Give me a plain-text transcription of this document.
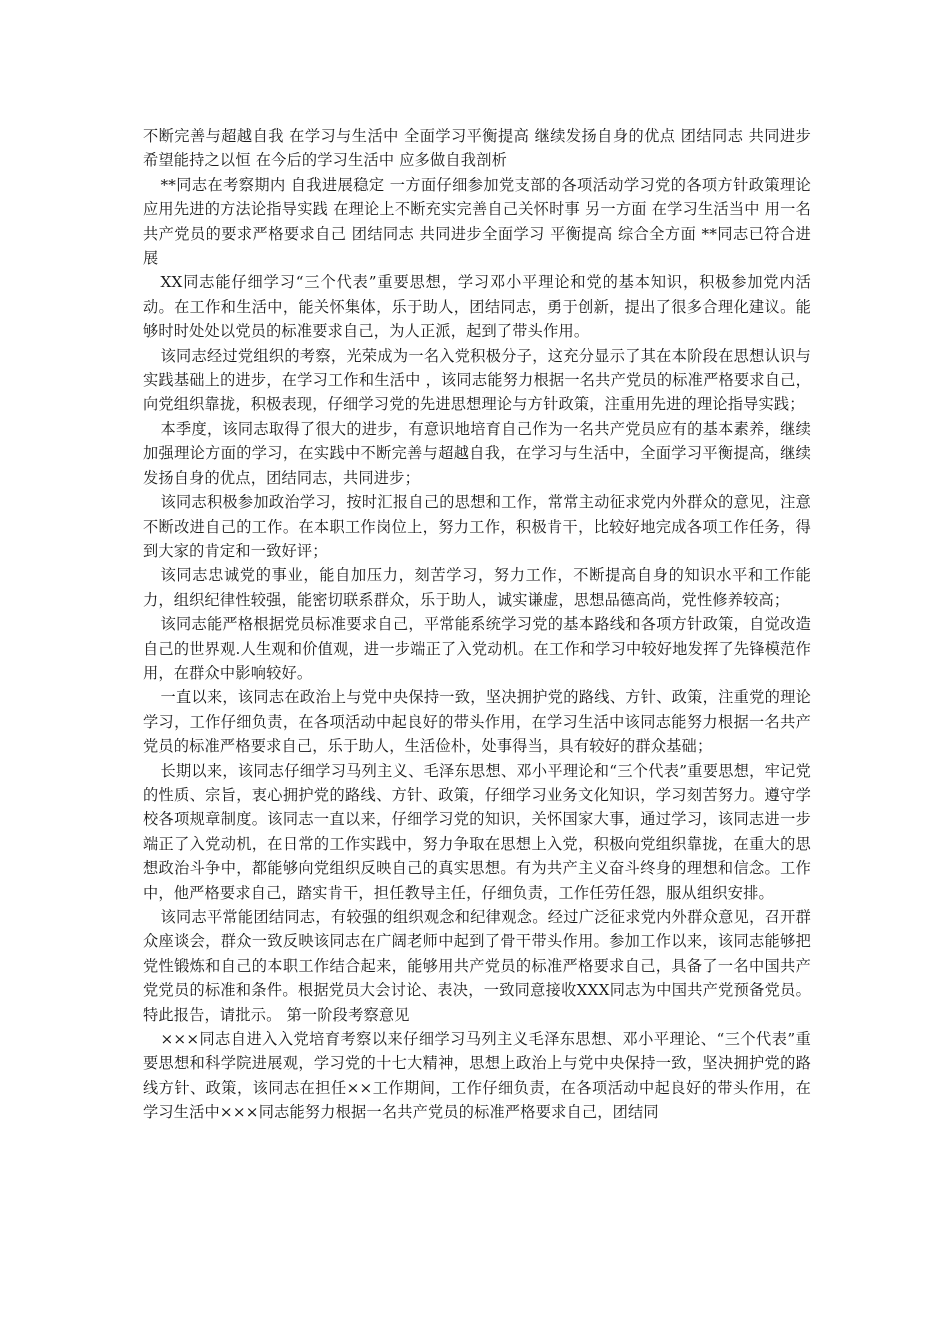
不断完善与超越自我 在学习与生活中 全面学习平衡提高 继续发扬自身的优点 团结同志 共同进步 希望能持之以恒 在今后的学习生活中 应多做自我剖析

**同志在考察期内 自我进展稳定 一方面仔细参加党支部的各项活动学习党的各项方针政策理论 应用先进的方法论指导实践 在理论上不断充实完善自己关怀时事 另一方面 在学习生活当中 用一名共产党员的要求严格要求自己 团结同志 共同进步全面学习 平衡提高 综合全方面 **同志已符合进展

XX同志能仔细学习“三个代表”重要思想，学习邓小平理论和党的基本知识，积极参加党内活动。在工作和生活中，能关怀集体，乐于助人，团结同志，勇于创新，提出了很多合理化建议。能够时时处处以党员的标准要求自己，为人正派，起到了带头作用。

该同志经过党组织的考察，光荣成为一名入党积极分子，这充分显示了其在本阶段在思想认识与实践基础上的进步，在学习工作和生活中 ，该同志能努力根据一名共产党员的标准严格要求自己，向党组织靠拢，积极表现，仔细学习党的先进思想理论与方针政策，注重用先进的理论指导实践；

本季度，该同志取得了很大的进步，有意识地培育自己作为一名共产党员应有的基本素养，继续加强理论方面的学习，在实践中不断完善与超越自我，在学习与生活中，全面学习平衡提高，继续发扬自身的优点，团结同志，共同进步；

该同志积极参加政治学习，按时汇报自己的思想和工作，常常主动征求党内外群众的意见，注意不断改进自己的工作。在本职工作岗位上，努力工作，积极肯干，比较好地完成各项工作任务，得到大家的肯定和一致好评；

该同志忠诚党的事业，能自加压力，刻苦学习，努力工作，不断提高自身的知识水平和工作能力，组织纪律性较强，能密切联系群众，乐于助人，诚实谦虚，思想品德高尚，党性修养较高；

该同志能严格根据党员标准要求自己，平常能系统学习党的基本路线和各项方针政策，自觉改造自己的世界观.人生观和价值观，进一步端正了入党动机。在工作和学习中较好地发挥了先锋模范作用，在群众中影响较好。

一直以来，该同志在政治上与党中央保持一致，坚决拥护党的路线、方针、政策，注重党的理论学习，工作仔细负责，在各项活动中起良好的带头作用，在学习生活中该同志能努力根据一名共产党员的标准严格要求自己，乐于助人，生活俭朴，处事得当，具有较好的群众基础；

长期以来，该同志仔细学习马列主义、毛泽东思想、邓小平理论和“三个代表”重要思想，牢记党的性质、宗旨，衷心拥护党的路线、方针、政策，仔细学习业务文化知识，学习刻苦努力。遵守学校各项规章制度。该同志一直以来，仔细学习党的知识，关怀国家大事，通过学习，该同志进一步端正了入党动机，在日常的工作实践中，努力争取在思想上入党，积极向党组织靠拢，在重大的思想政治斗争中，都能够向党组织反映自己的真实思想。有为共产主义奋斗终身的理想和信念。工作中，他严格要求自己，踏实肯干，担任教导主任，仔细负责，工作任劳任怨，服从组织安排。

该同志平常能团结同志，有较强的组织观念和纪律观念。经过广泛征求党内外群众意见，召开群众座谈会，群众一致反映该同志在广阔老师中起到了骨干带头作用。参加工作以来，该同志能够把党性锻炼和自己的本职工作结合起来，能够用共产党员的标准严格要求自己，具备了一名中国共产党党员的标准和条件。根据党员大会讨论、表决，一致同意接收XXX同志为中国共产党预备党员。特此报告，请批示。 第一阶段考察意见

×××同志自进入入党培育考察以来仔细学习马列主义毛泽东思想、邓小平理论、“三个代表”重要思想和科学院进展观，学习党的十七大精神，思想上政治上与党中央保持一致，坚决拥护党的路线方针、政策，该同志在担任××工作期间，工作仔细负责，在各项活动中起良好的带头作用，在学习生活中×××同志能努力根据一名共产党员的标准严格要求自己，团结同
